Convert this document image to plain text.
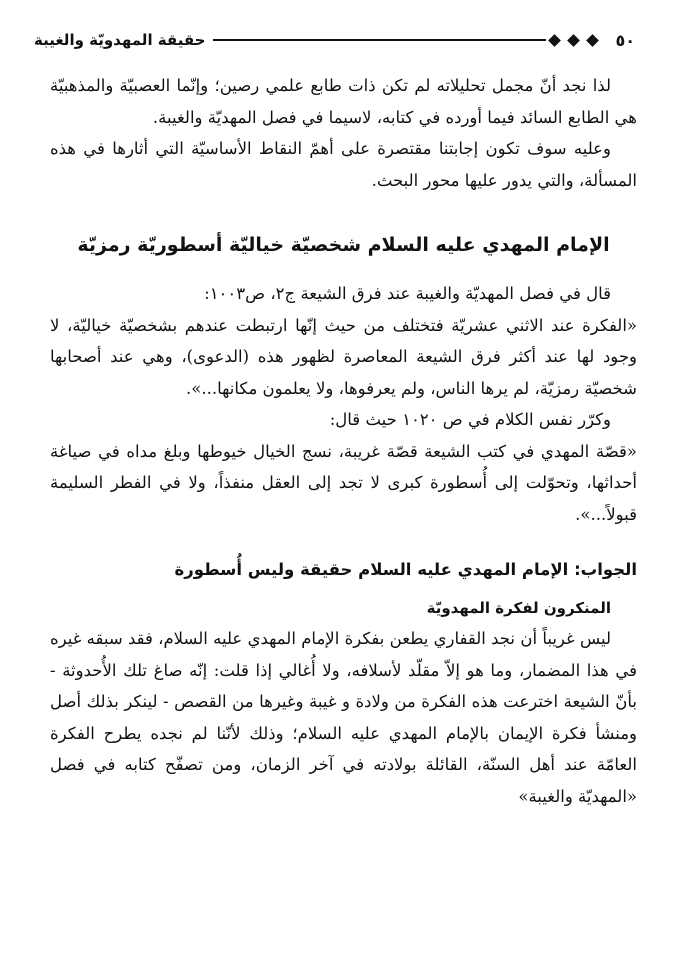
٥٠
حقيقة المهدويّة والغيبة

لذا نجد أنّ مجمل تحليلاته لم تكن ذات طابع علمي رصين؛ وإنّما العصبيّة والمذهبيّة هي الطابع السائد فيما أورده في كتابه، لاسيما في فصل المهديّة والغيبة.

وعليه سوف تكون إجابتنا مقتصرة على أهمّ النقاط الأساسيّة التي أثارها في هذه المسألة، والتي يدور عليها محور البحث.

الإمام المهدي عليه السلام شخصيّة خياليّة أسطوريّة رمزيّة

قال في فصل المهديّة والغيبة عند فرق الشيعة ج٢، ص١٠٠٣:

«الفكرة عند الاثني عشريّة فتختلف من حيث إنّها ارتبطت عندهم بشخصيّة خياليّة، لا وجود لها عند أكثر فرق الشيعة المعاصرة لظهور هذه (الدعوى)، وهي عند أصحابها شخصيّة رمزيّة، لم يرها الناس، ولم يعرفوها، ولا يعلمون مكانها...».

وكرّر نفس الكلام في ص ١٠٢٠ حيث قال:

«قصّة المهدي في كتب الشيعة قصّة غريبة، نسج الخيال خيوطها وبلغ مداه في صياغة أحداثها، وتحوّلت إلى أُسطورة كبرى لا تجد إلى العقل منفذاً، ولا في الفطر السليمة قبولاً...».

الجواب: الإمام المهدي عليه السلام حقيقة وليس أُسطورة
المنكرون لفكرة المهدويّة

ليس غريباً أن نجد القفاري يطعن بفكرة الإمام المهدي عليه السلام، فقد سبقه غيره في هذا المضمار، وما هو إلاّ مقلّد لأسلافه، ولا أُغالي إذا قلت: إنّه صاغ تلك الأُحدوثة - بأنّ الشيعة اخترعت هذه الفكرة من ولادة و غيبة وغيرها من القصص - لينكر بذلك أصل ومنشأ فكرة الإيمان بالإمام المهدي عليه السلام؛ وذلك لأنّنا لم نجده يطرح الفكرة العامّة عند أهل السنّة، القائلة بولادته في آخر الزمان، ومن تصفّح كتابه في فصل «المهديّة والغيبة»
